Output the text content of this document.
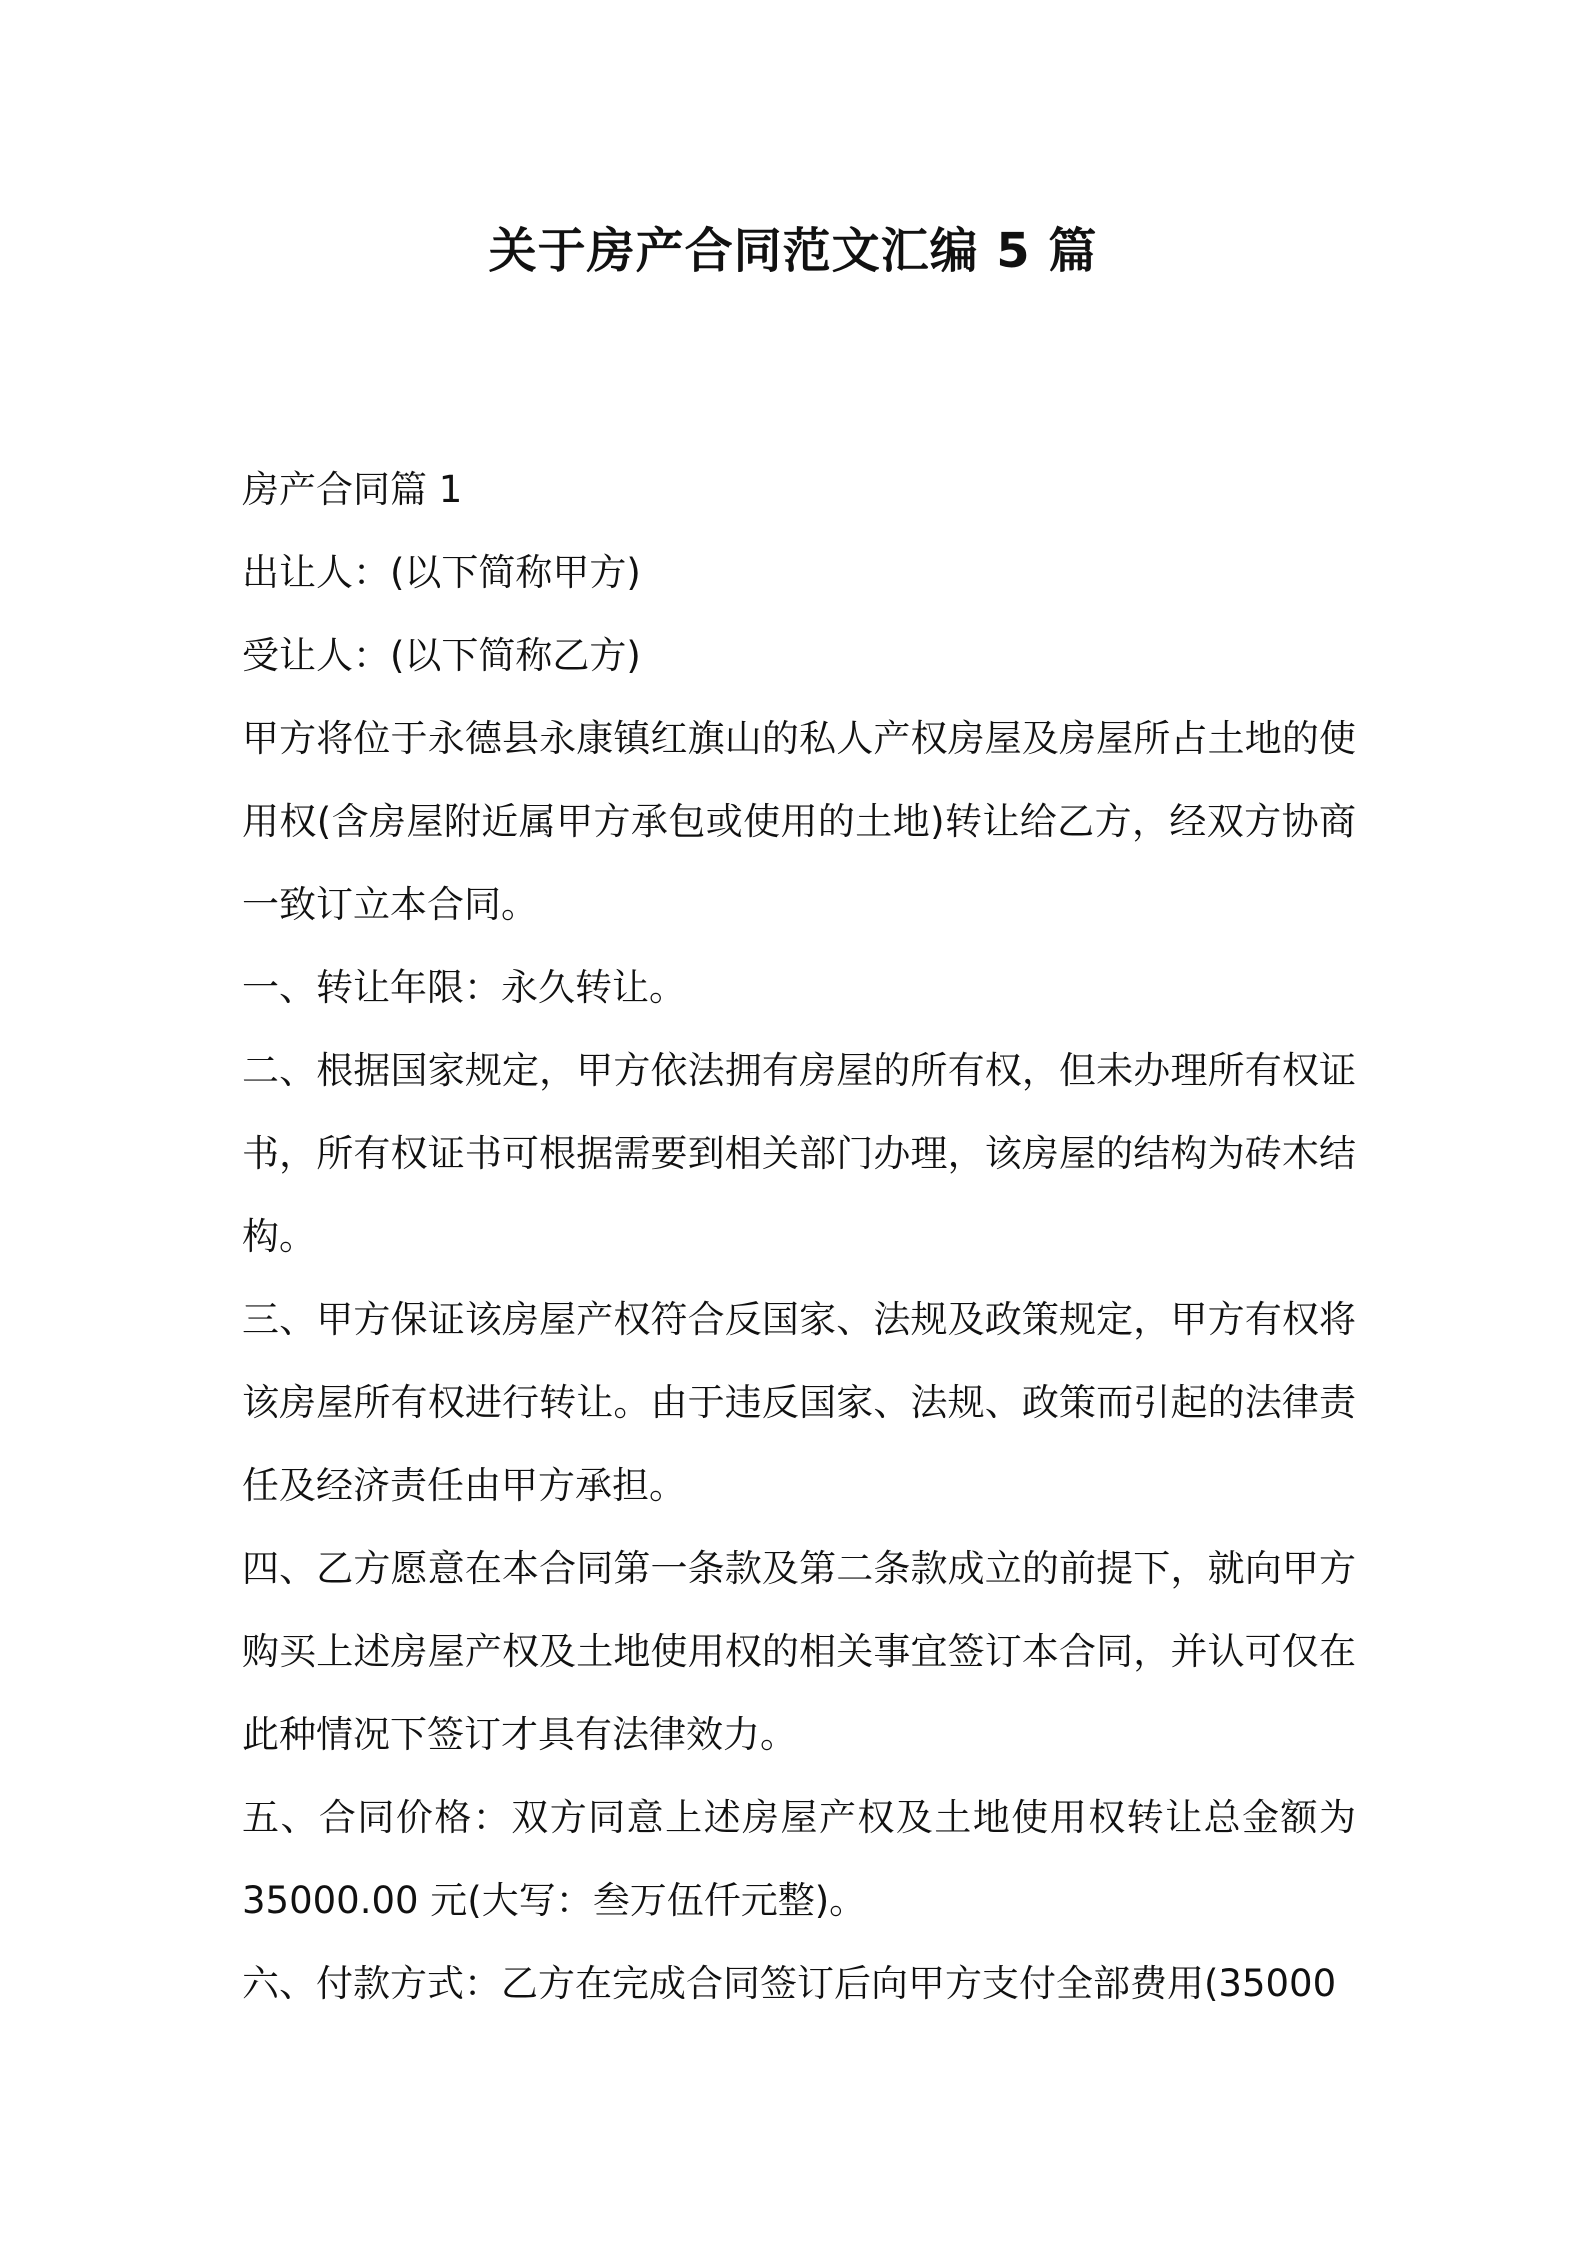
关于房产合同范文汇编 5 篇

房产合同篇 1

出让人：(以下简称甲方)

受让人：(以下简称乙方)

甲方将位于永德县永康镇红旗山的私人产权房屋及房屋所占土地的使用权(含房屋附近属甲方承包或使用的土地)转让给乙方，经双方协商一致订立本合同。

一、转让年限：永久转让。

二、根据国家规定，甲方依法拥有房屋的所有权，但未办理所有权证书，所有权证书可根据需要到相关部门办理，该房屋的结构为砖木结构。

三、甲方保证该房屋产权符合反国家、法规及政策规定，甲方有权将该房屋所有权进行转让。由于违反国家、法规、政策而引起的法律责任及经济责任由甲方承担。

四、乙方愿意在本合同第一条款及第二条款成立的前提下，就向甲方购买上述房屋产权及土地使用权的相关事宜签订本合同，并认可仅在此种情况下签订才具有法律效力。

五、合同价格：双方同意上述房屋产权及土地使用权转让总金额为35000.00 元(大写：叁万伍仟元整)。

六、付款方式：乙方在完成合同签订后向甲方支付全部费用(35000
